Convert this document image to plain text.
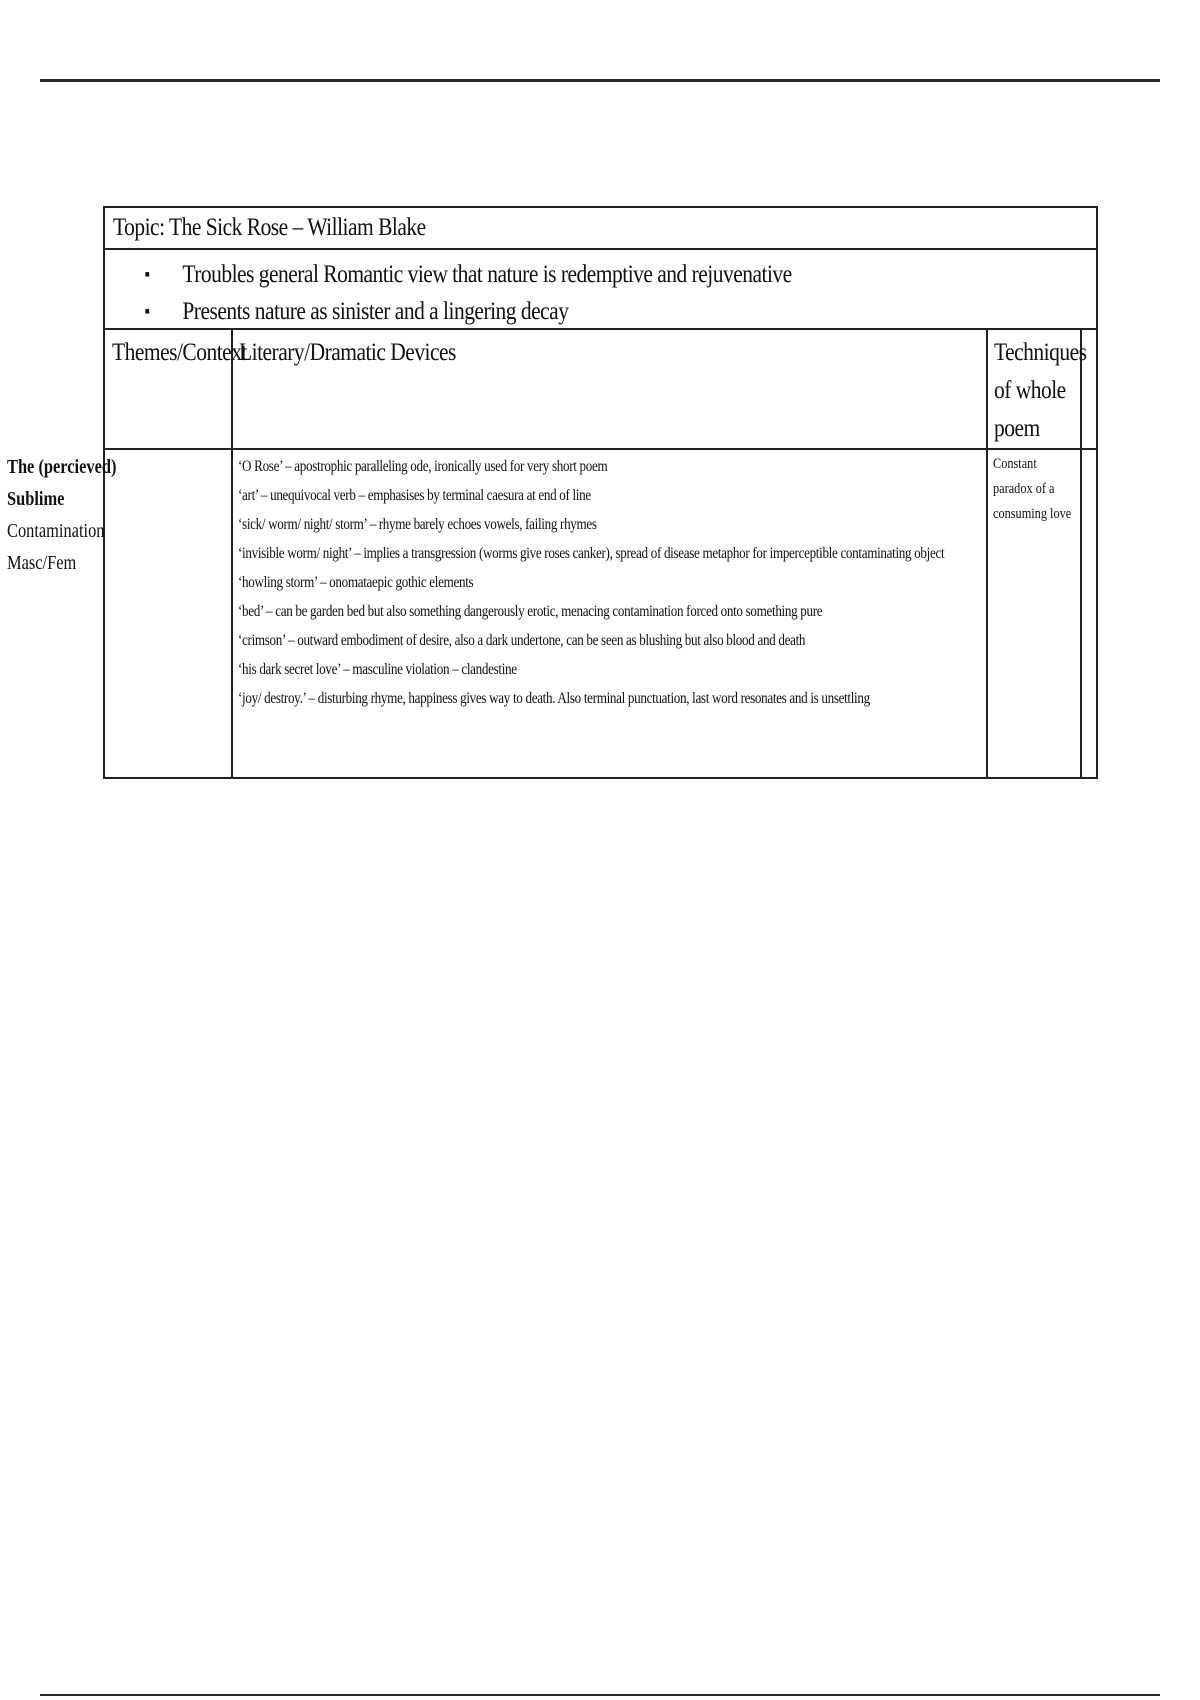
Topic: The Sick Rose – William Blake
▪ Troubles general Romantic view that nature is redemptive and rejuvenative
▪ Presents nature as sinister and a lingering decay
Themes/Context
Literary/Dramatic Devices	Techniques
of whole
poem
The (percieved)
Sublime
Contamination
Masc/Fem
‘O Rose’ – apostrophic paralleling ode, ironically used for very short poem
‘art’ – unequivocal verb – emphasises by terminal caesura at end of line
‘sick/ worm/ night/ storm’ – rhyme barely echoes vowels, failing rhymes
‘invisible worm/ night’ – implies a transgression (worms give roses canker), spread of disease metaphor for imperceptible contaminating object
‘howling storm’ – onomataepic gothic elements
‘bed’ – can be garden bed but also something dangerously erotic, menacing contamination forced onto something pure
‘crimson’ – outward embodiment of desire, also a dark undertone, can be seen as blushing but also blood and death
‘his dark secret love’ – masculine violation – clandestine
‘joy/ destroy.’ – disturbing rhyme, happiness gives way to death. Also terminal punctuation, last word resonates and is unsettling
Constant
paradox of a
consuming love
